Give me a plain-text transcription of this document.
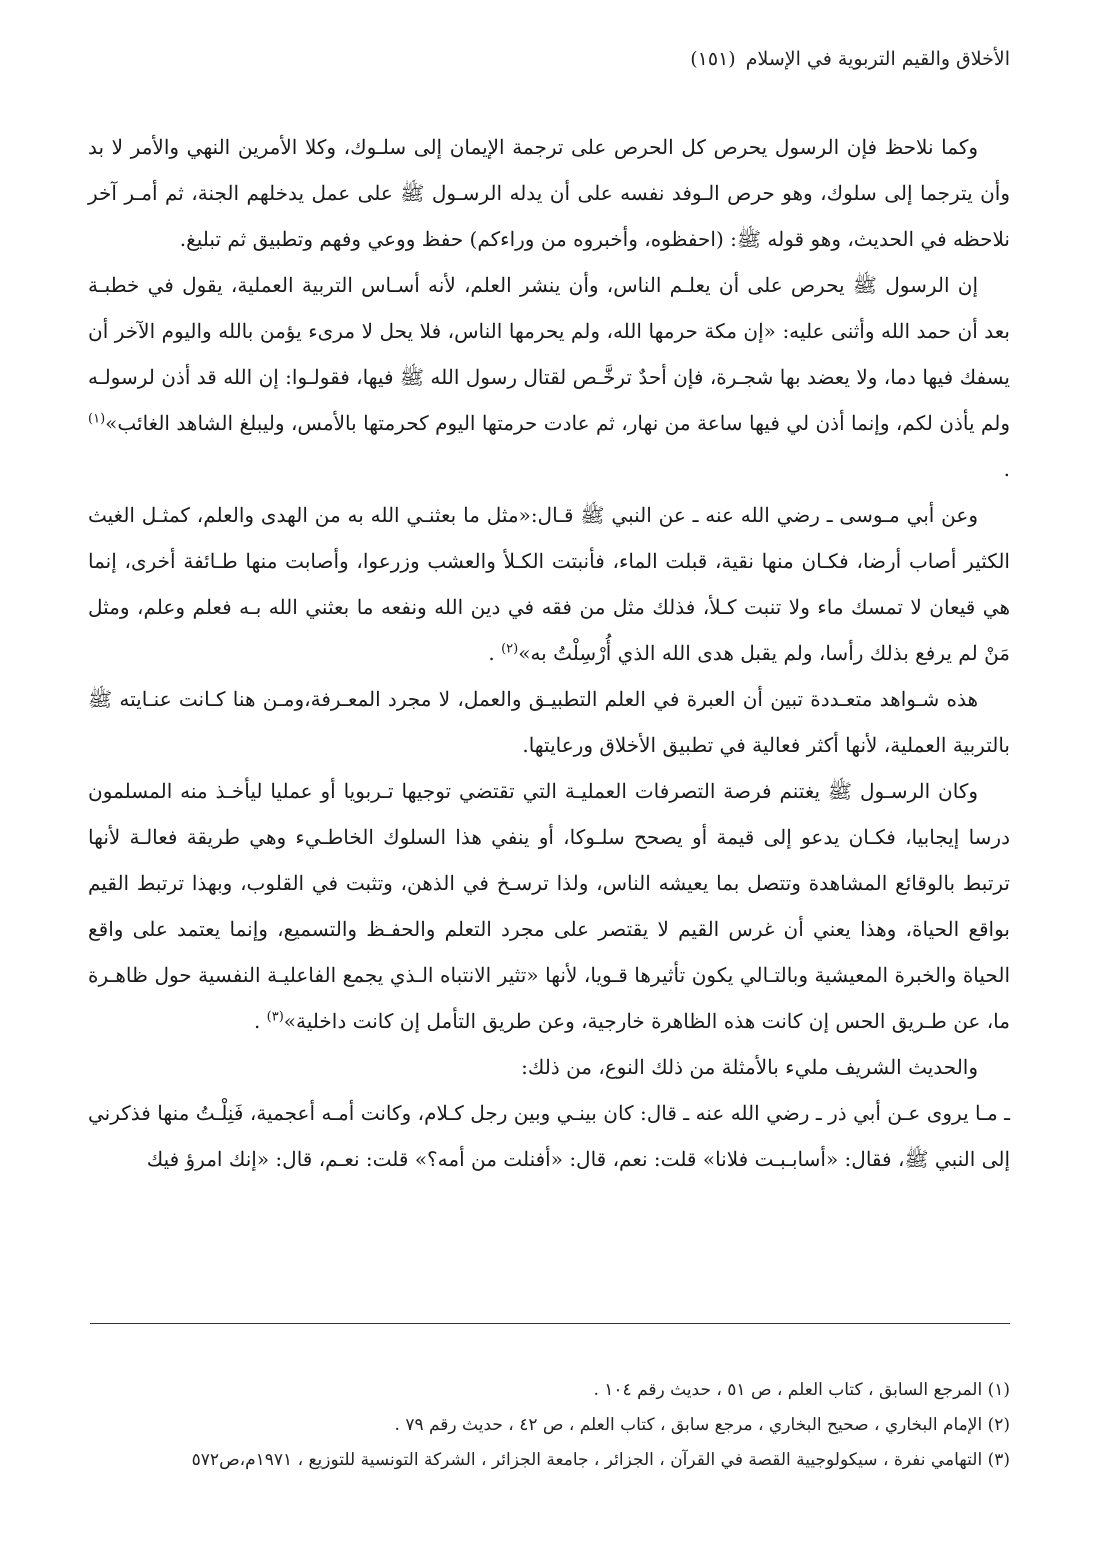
الأخلاق والقيم التربوية في الإسلام (١٥١)

وكما نلاحظ فإن الرسول يحرص كل الحرص على ترجمة الإيمان إلى سلـوك، وكلا الأمرين النهي والأمر لا بد وأن يترجما إلى سلوك، وهو حرص الـوفد نفسه على أن يدله الرسـول ﷺ على عمل يدخلهم الجنة، ثم أمـر آخر نلاحظه في الحديث، وهو قوله ﷺ: (احفظوه، وأخبروه من وراءكم) حفظ ووعي وفهم وتطبيق ثم تبليغ.

إن الرسول ﷺ يحرص على أن يعلـم الناس، وأن ينشر العلم، لأنه أسـاس التربية العملية، يقول في خطبـة بعد أن حمد الله وأثنى عليه: «إن مكة حرمها الله، ولم يحرمها الناس، فلا يحل لا مرىء يؤمن بالله واليوم الآخر أن يسفك فيها دما، ولا يعضد بها شجـرة، فإن أحدٌ ترخَّـص لقتال رسول الله ﷺ فيها، فقولـوا: إن الله قد أذن لرسولـه ولم يأذن لكم، وإنما أذن لي فيها ساعة من نهار، ثم عادت حرمتها اليوم كحرمتها بالأمس، وليبلغ الشاهد الغائب»$^{(١)}$ .

وعن أبي مـوسى ـ رضي الله عنه ـ عن النبي ﷺ قـال:«مثل ما بعثنـي الله به من الهدى والعلم، كمثـل الغيث الكثير أصاب أرضا، فكـان منها نقية، قبلت الماء، فأنبتت الكـلأ والعشب وزرعوا، وأصابت منها طـائفة أخرى، إنما هي قيعان لا تمسك ماء ولا تنبت كـلأ، فذلك مثل من فقه في دين الله ونفعه ما بعثني الله بـه فعلم وعلم، ومثل مَنْ لم يرفع بذلك رأسا، ولم يقبل هدى الله الذي أُرْسِلْتُ به»$^{(٢)}$ .

هذه شـواهد متعـددة تبين أن العبرة في العلم التطبيـق والعمل، لا مجرد المعـرفة،ومـن هنا كـانت عنـايته ﷺ بالتربية العملية، لأنها أكثر فعالية في تطبيق الأخلاق ورعايتها.

وكان الرسـول ﷺ يغتنم فرصة التصرفات العمليـة التي تقتضي توجيها تـربويا أو عمليا ليأخـذ منه المسلمون درسا إيجابيا، فكـان يدعو إلى قيمة أو يصحح سلـوكا، أو ينفي هذا السلوك الخاطـيء وهي طريقة فعالـة لأنها ترتبط بالوقائع المشاهدة وتتصل بما يعيشه الناس، ولذا ترسـخ في الذهن، وتثبت في القلوب، وبهذا ترتبط القيم بواقع الحياة، وهذا يعني أن غرس القيم لا يقتصر على مجرد التعلم والحفـظ والتسميع، وإنما يعتمد على واقع الحياة والخبرة المعيشية وبالتـالي يكون تأثيرها قـويا، لأنها «تثير الانتباه الـذي يجمع الفاعليـة النفسية حول ظاهـرة ما، عن طـريق الحس إن كانت هذه الظاهرة خارجية، وعن طريق التأمل إن كانت داخلية»$^{(٣)}$ .

والحديث الشريف مليء بالأمثلة من ذلك النوع، من ذلك:

ـ مـا يروى عـن أبي ذر ـ رضي الله عنه ـ قال: كان بينـي وبين رجل كـلام، وكانت أمـه أعجمية، فَنِلْـتُ منها فذكرني إلى النبي ﷺ، فقال: «أسابـبـت فلانا» قلت: نعم، قال: «أفنلت من أمه؟» قلت: نعـم، قال: «إنك امرؤ فيك

(١) المرجع السابق ، كتاب العلم ، ص ٥١ ، حديث رقم ١٠٤ .

(٢) الإمام البخاري ، صحيح البخاري ، مرجع سابق ، كتاب العلم ، ص ٤٢ ، حديث رقم ٧٩ .

(٣) التهامي نفرة ، سيكولوجيية القصة في القرآن ، الجزائر ، جامعة الجزائر ، الشركة التونسية للتوزيع ، ١٩٧١م،ص٥٧٢
